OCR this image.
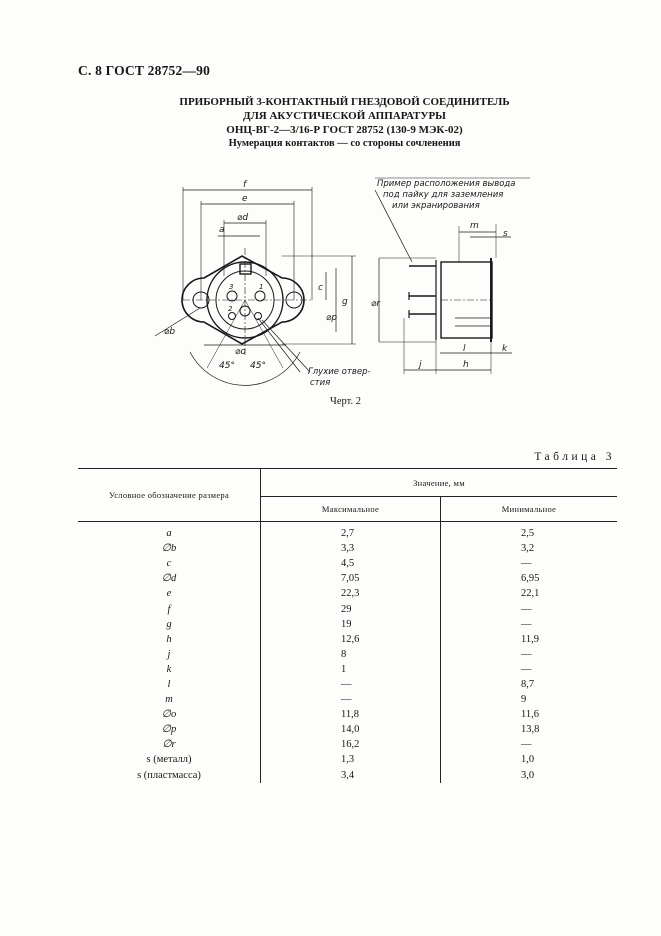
С. 8 ГОСТ 28752—90
ПРИБОРНЫЙ 3-КОНТАКТНЫЙ ГНЕЗДОВОЙ СОЕДИНИТЕЛЬ
ДЛЯ АКУСТИЧЕСКОЙ АППАРАТУРЫ
ОНЦ-ВГ-2—3/16-Р ГОСТ 28752 (130-9 МЭК-02)
Нумерация контактов — со стороны сочленения
f
e
⌀d
a
c
g
⌀p
⌀b
⌀o
45° 45°
3	1
2
m
s
⌀r
l	k
j	h
Пример расположения вывода
под пайку для заземления
или экранирования
Глухие отвер-
стия
Черт. 2
Таблица 3
Условное обозначение размера	Значение, мм	
	Максимальное	Минимальное
a	2,7	2,5
∅b	3,3	3,2
c	4,5	—
∅d	7,05	6,95
e	22,3	22,1
f	29	—
g	19	—
h	12,6	11,9
j	8	—
k	1	—
l	—	8,7
m	—	9
∅o	11,8	11,6
∅p	14,0	13,8
∅r	16,2	—
s (металл)	1,3	1,0
s (пластмасса)	3,4	3,0
